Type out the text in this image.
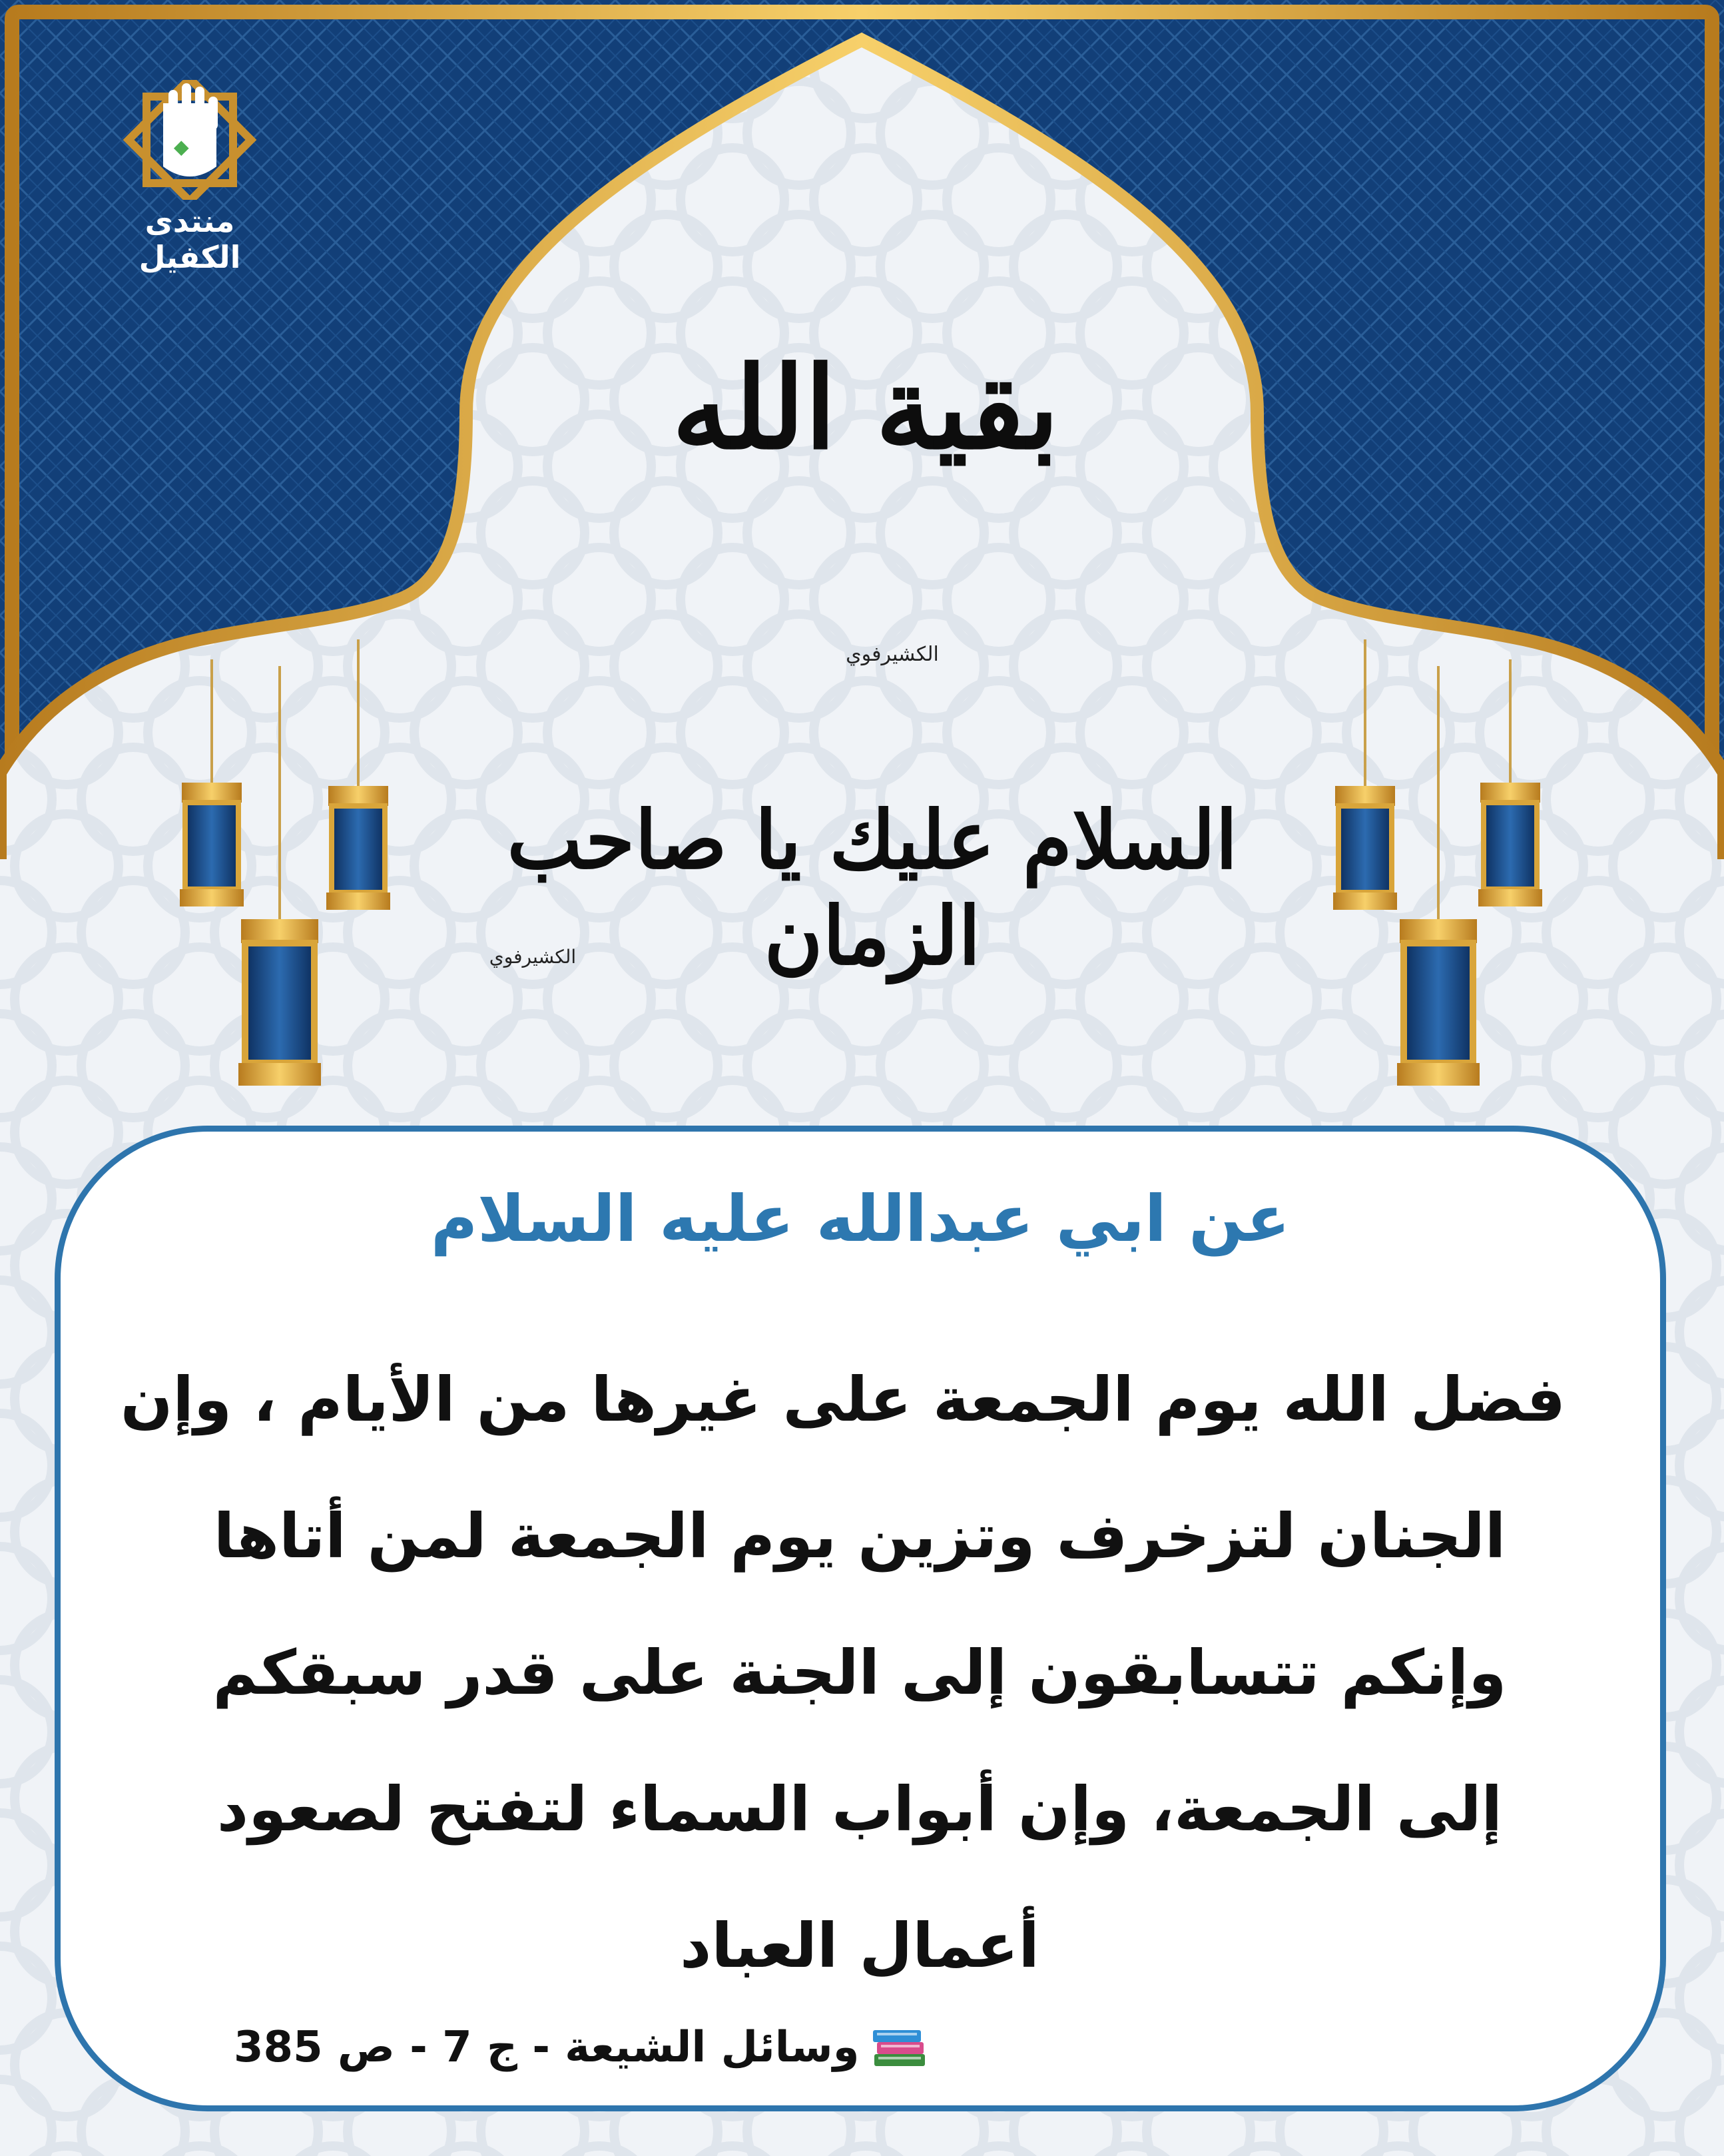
منتدى الكفيل
بقية الله
الكشيرفوي
السلام عليك يا صاحب الزمان
الكشيرفوي
عن ابي عبدالله عليه السلام
فضل الله يوم الجمعة على غيرها من الأيام ، وإن
الجنان لتزخرف وتزين يوم الجمعة لمن أتاها
وإنكم تتسابقون إلى الجنة على قدر سبقكم
إلى الجمعة، وإن أبواب السماء لتفتح لصعود
أعمال العباد
وسائل الشيعة - ج 7 - ص 385
